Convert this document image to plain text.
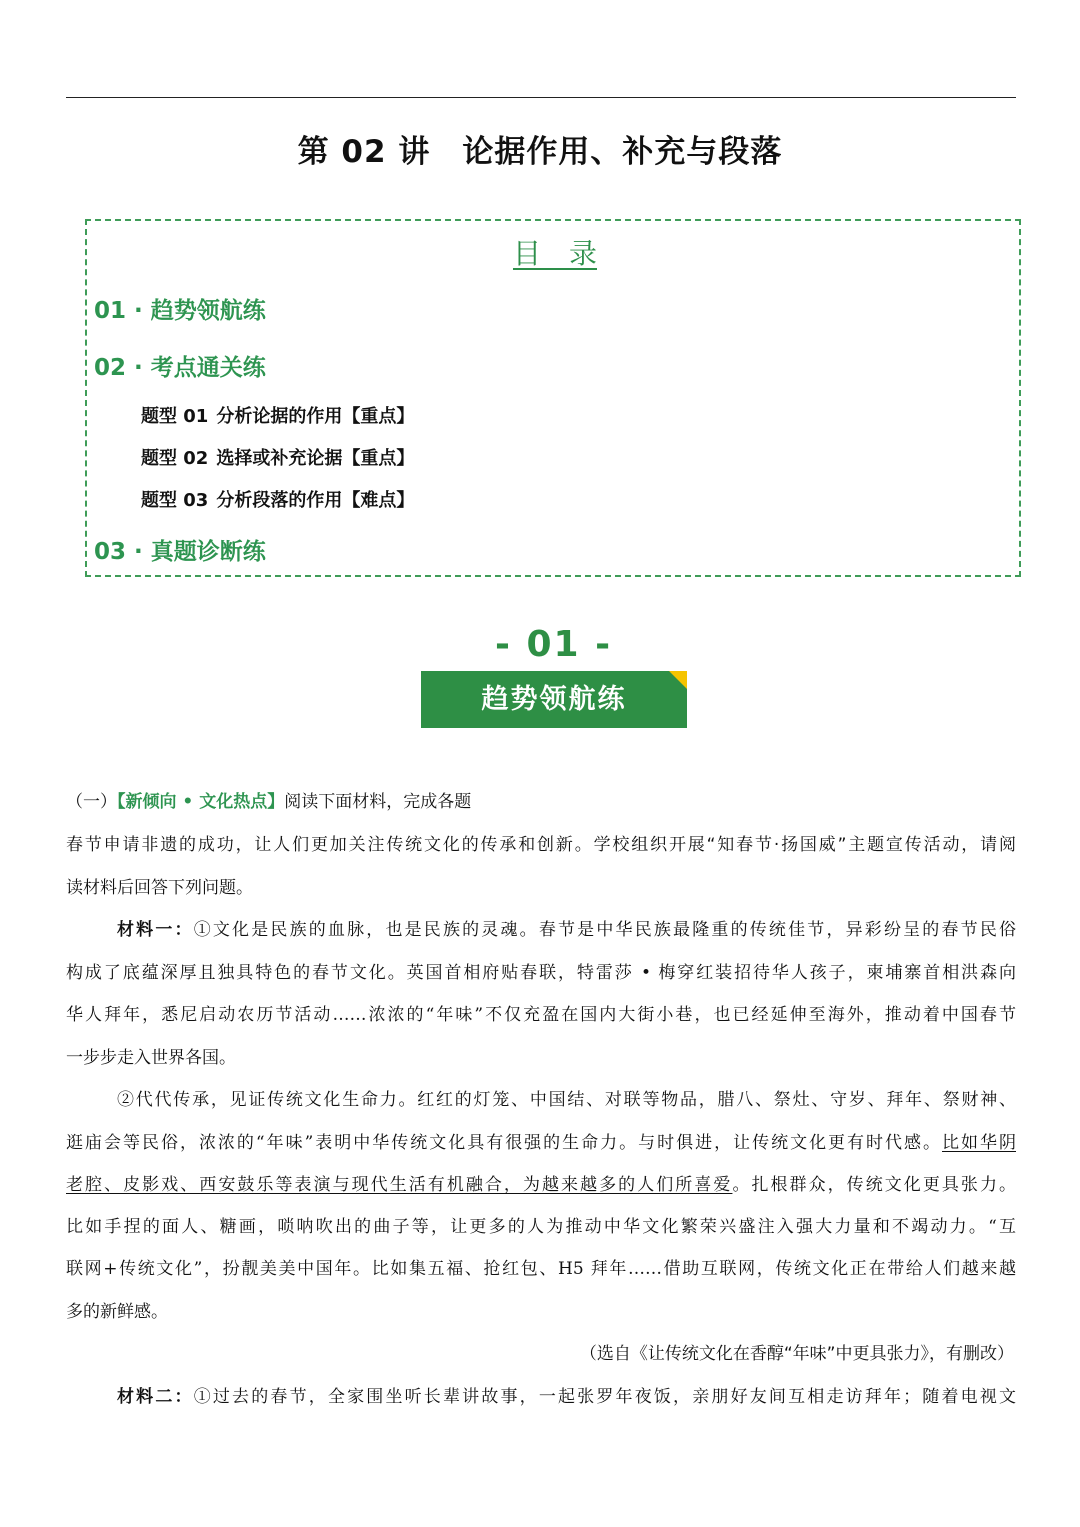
第 02 讲　论据作用、补充与段落
目　录
01 · 趋势领航练
02 · 考点通关练
题型 01 分析论据的作用【重点】
题型 02 选择或补充论据【重点】
题型 03 分析段落的作用【难点】
03 · 真题诊断练
- 01 -
趋势领航练
（一）【新倾向 • 文化热点】阅读下面材料，完成各题
春节申请非遗的成功，让人们更加关注传统文化的传承和创新。学校组织开展“知春节·扬国威”主题宣传活动，请阅
读材料后回答下列问题。
材料一：①文化是民族的血脉，也是民族的灵魂。春节是中华民族最隆重的传统佳节，异彩纷呈的春节民俗
构成了底蕴深厚且独具特色的春节文化。英国首相府贴春联，特雷莎 • 梅穿红装招待华人孩子，柬埔寨首相洪森向
华人拜年，悉尼启动农历节活动……浓浓的“年味”不仅充盈在国内大街小巷，也已经延伸至海外，推动着中国春节
一步步走入世界各国。
②代代传承，见证传统文化生命力。红红的灯笼、中国结、对联等物品，腊八、祭灶、守岁、拜年、祭财神、
逛庙会等民俗，浓浓的“年味”表明中华传统文化具有很强的生命力。与时俱进，让传统文化更有时代感。比如华阴
老腔、皮影戏、西安鼓乐等表演与现代生活有机融合，为越来越多的人们所喜爱。扎根群众，传统文化更具张力。
比如手捏的面人、糖画，唢呐吹出的曲子等，让更多的人为推动中华文化繁荣兴盛注入强大力量和不竭动力。“互
联网+传统文化”，扮靓美美中国年。比如集五福、抢红包、H5 拜年……借助互联网，传统文化正在带给人们越来越
多的新鲜感。
（选自《让传统文化在香醇“年味”中更具张力》，有删改）
材料二：①过去的春节，全家围坐听长辈讲故事，一起张罗年夜饭，亲朋好友间互相走访拜年；随着电视文
